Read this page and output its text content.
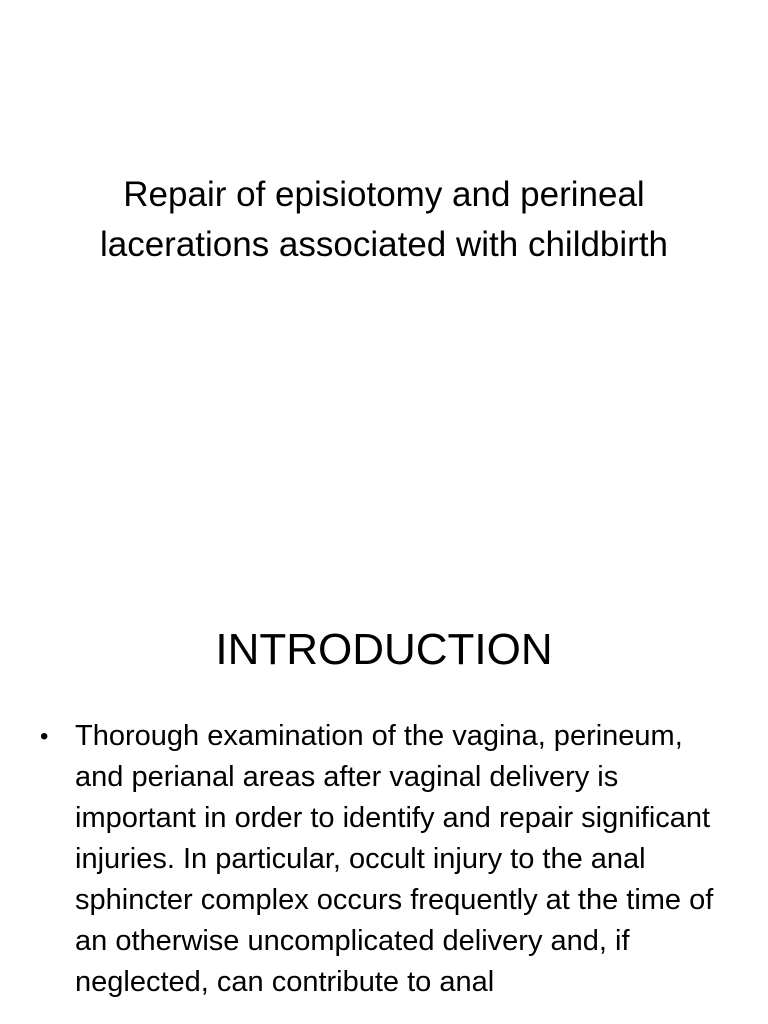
Repair of episiotomy and perineal lacerations associated with childbirth
INTRODUCTION
• Thorough examination of the vagina, perineum, and perianal areas after vaginal delivery is important in order to identify and repair significant injuries. In particular, occult injury to the anal sphincter complex occurs frequently at the time of an otherwise uncomplicated delivery and, if neglected, can contribute to anal
